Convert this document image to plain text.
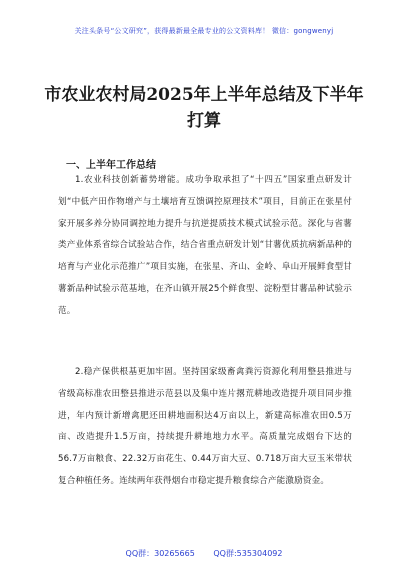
关注头条号“公文研究”，获得最新最全最专业的公文资料库！ 微信：gongwenyj
市农业农村局2025年上半年总结及下半年打算
一、上半年工作总结
1.农业科技创新蓄势增能。成功争取承担了“十四五”国家重点研发计划“中低产田作物增产与土壤培育互馈调控原理技术”项目，目前正在张星付家开展多养分协同调控地力提升与抗逆提质技术模式试验示范。深化与省薯类产业体系省综合试验站合作，结合省重点研发计划“甘薯优质抗病新品种的培育与产业化示范推广”项目实施，在张星、齐山、金岭、阜山开展鲜食型甘薯新品种试验示范基地，在齐山镇开展25个鲜食型、淀粉型甘薯品种试验示范。
2.稳产保供根基更加牢固。坚持国家级畜禽粪污资源化利用整县推进与省级高标准农田整县推进示范县以及集中连片撂荒耕地改造提升项目同步推进，年内预计新增禽肥还田耕地面积达4万亩以上，新建高标准农田0.5万亩、改造提升1.5万亩，持续提升耕地地力水平。高质量完成烟台下达的56.7万亩粮食、22.32万亩花生、0.44万亩大豆、0.718万亩大豆玉米带状复合种植任务。连续两年获得烟台市稳定提升粮食综合产能激励资金。
QQ群：30265665 QQ群:535304092
